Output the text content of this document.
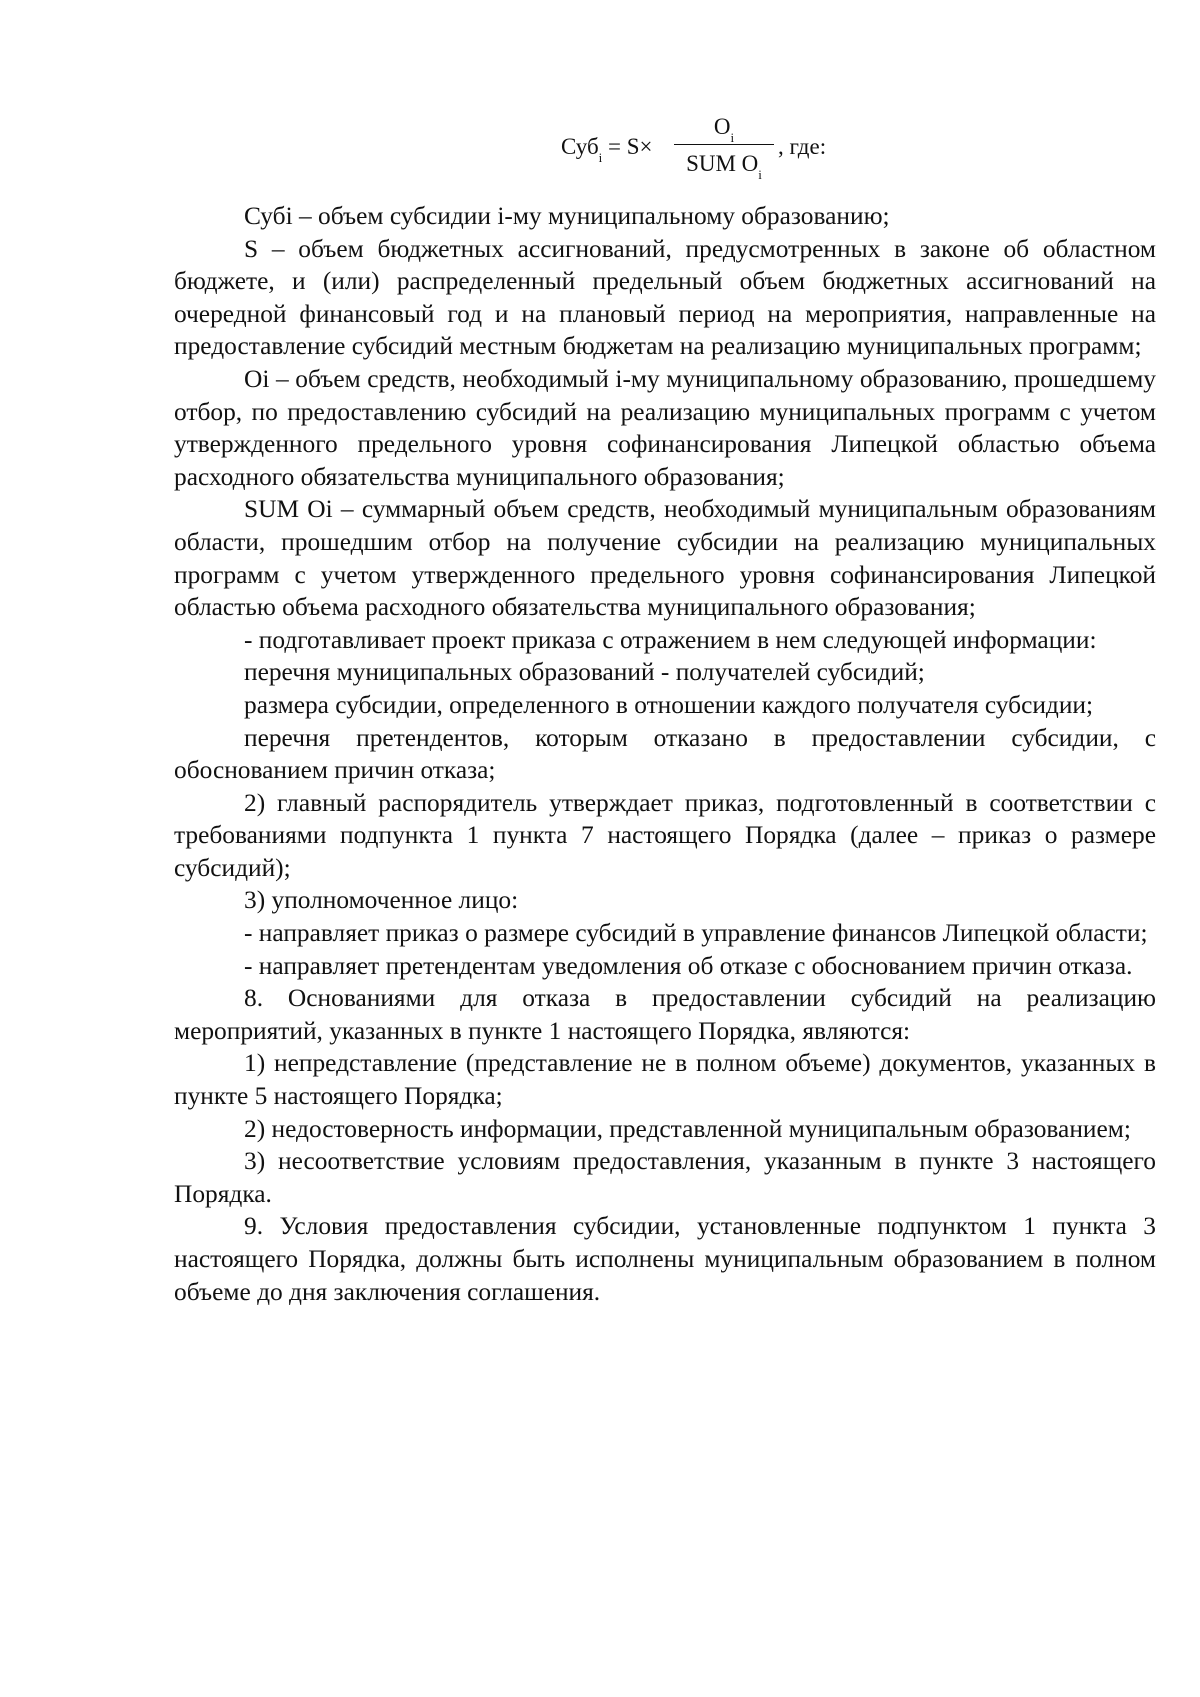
Суб$_i$ = S×
$O_i$
SUM $O_i$
, где:

Субi – объем субсидии i-му муниципальному образованию;

S – объем бюджетных ассигнований, предусмотренных в законе об областном бюджете, и (или) распределенный предельный объем бюджетных ассигнований на очередной финансовый год и на плановый период на мероприятия, направленные на предоставление субсидий местным бюджетам на реализацию муниципальных программ;

Oi – объем средств, необходимый i-му муниципальному образованию, прошедшему отбор, по предоставлению субсидий на реализацию муниципальных программ с учетом утвержденного предельного уровня софинансирования Липецкой областью объема расходного обязательства муниципального образования;

SUM Oi – суммарный объем средств, необходимый муниципальным образованиям области, прошедшим отбор на получение субсидии на реализацию муниципальных программ с учетом утвержденного предельного уровня софинансирования Липецкой областью объема расходного обязательства муниципального образования;

- подготавливает проект приказа с отражением в нем следующей информации:

перечня муниципальных образований - получателей субсидий;

размера субсидии, определенного в отношении каждого получателя субсидии;

перечня претендентов, которым отказано в предоставлении субсидии, с обоснованием причин отказа;

2) главный распорядитель утверждает приказ, подготовленный в соответствии с требованиями подпункта 1 пункта 7 настоящего Порядка (далее – приказ о размере субсидий);

3) уполномоченное лицо:

- направляет приказ о размере субсидий в управление финансов Липецкой области;

- направляет претендентам уведомления об отказе с обоснованием причин отказа.

8. Основаниями для отказа в предоставлении субсидий на реализацию мероприятий, указанных в пункте 1 настоящего Порядка, являются:

1) непредставление (представление не в полном объеме) документов, указанных в пункте 5 настоящего Порядка;

2) недостоверность информации, представленной муниципальным образованием;

3) несоответствие условиям предоставления, указанным в пункте 3 настоящего Порядка.

9. Условия предоставления субсидии, установленные подпунктом 1 пункта 3 настоящего Порядка, должны быть исполнены муниципальным образованием в полном объеме до дня заключения соглашения.
